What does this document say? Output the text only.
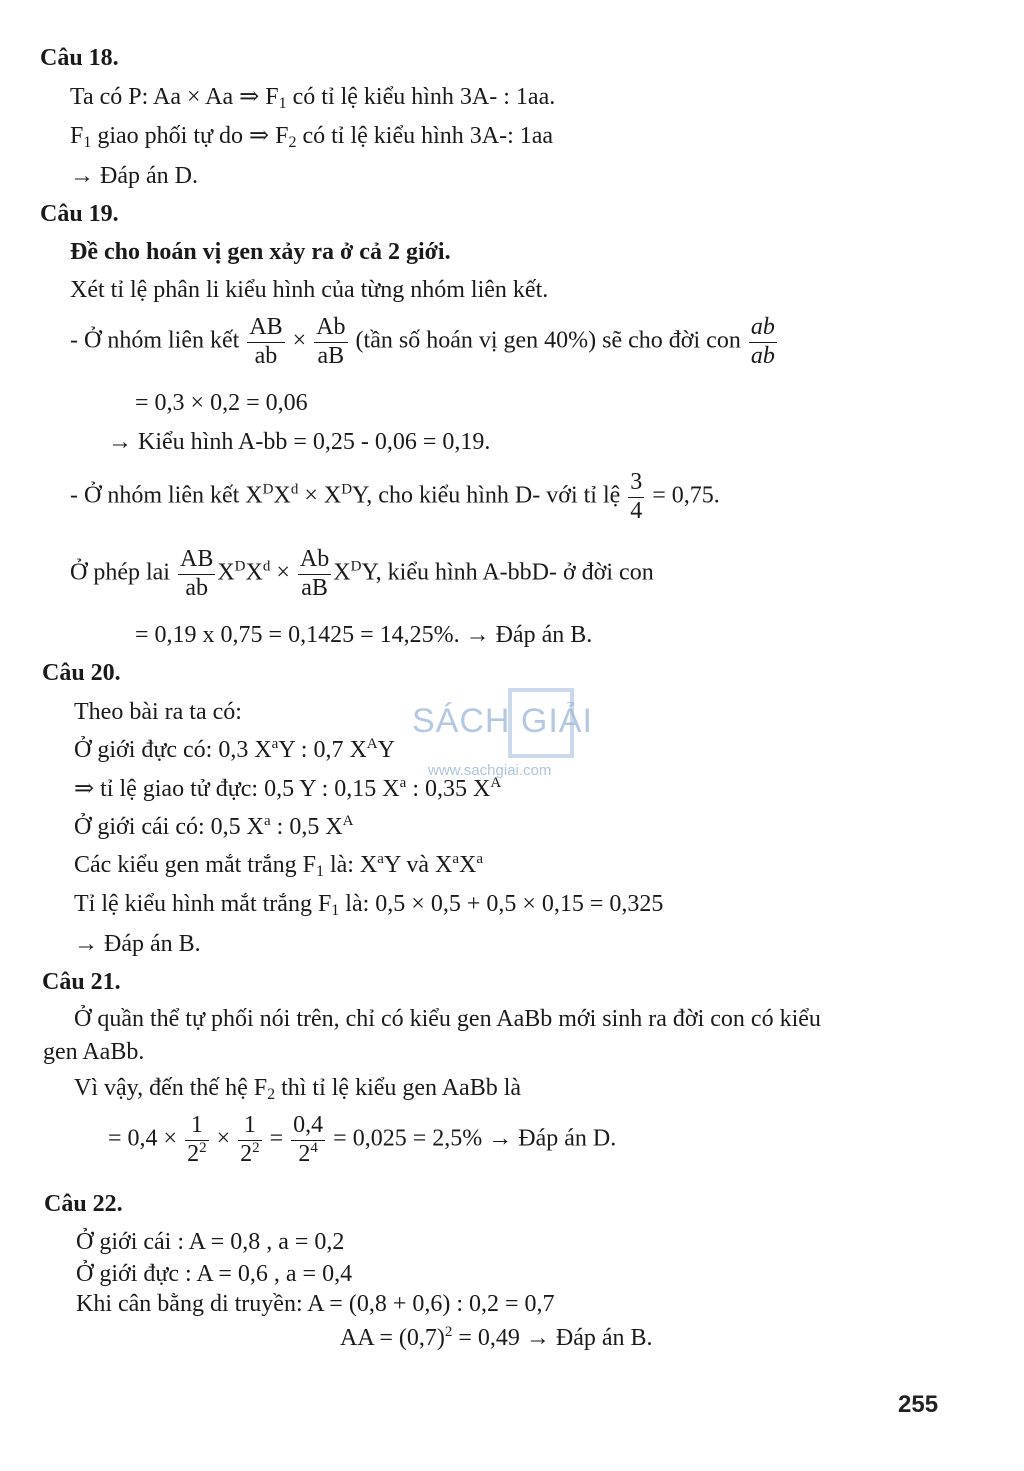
Câu 18.
Ta có P: Aa × Aa ⇒ $F_1$ có tỉ lệ kiểu hình 3A- : 1aa.
$F_1$ giao phối tự do ⇒ $F_2$ có tỉ lệ kiểu hình 3A-: 1aa
→ Đáp án D.
Câu 19.
Đề cho hoán vị gen xảy ra ở cả 2 giới.
Xét tỉ lệ phân li kiểu hình của từng nhóm liên kết.
- Ở nhóm liên kết $\frac{AB}{ab} \times \frac{Ab}{aB}$ (tần số hoán vị gen 40%) sẽ cho đời con $\frac{ab}{ab}$
= 0,3 × 0,2 = 0,06
→ Kiểu hình A-bb = 0,25 - 0,06 = 0,19.
- Ở nhóm liên kết $X^DX^d \times X^DY$, cho kiểu hình D- với tỉ lệ $\frac{3}{4} = 0,75$.
Ở phép lai $\frac{AB}{ab} X^DX^d \times \frac{Ab}{aB} X^DY$, kiểu hình A-bbD- ở đời con
= 0,19 x 0,75 = 0,1425 = 14,25%. → Đáp án B.
Câu 20.
Theo bài ra ta có:
Ở giới đực có: 0,3 $X^aY$ : 0,7 $X^AY$
⇒ tỉ lệ giao tử đực: 0,5 Y : 0,15 $X^a$ : 0,35 $X^A$
Ở giới cái có: 0,5 $X^a$ : 0,5 $X^A$
Các kiểu gen mắt trắng $F_1$ là: $X^aY$ và $X^aX^a$
Tỉ lệ kiểu hình mắt trắng $F_1$ là: 0,5 × 0,5 + 0,5 × 0,15 = 0,325
→ Đáp án B.
Câu 21.
Ở quần thể tự phối nói trên, chỉ có kiểu gen AaBb mới sinh ra đời con có kiểu
gen AaBb.
Vì vậy, đến thế hệ $F_2$ thì tỉ lệ kiểu gen AaBb là
= $0,4 \times \frac{1}{2^2} \times \frac{1}{2^2} = \frac{0,4}{2^4} = 0,025 = 2,5\%$ → Đáp án D.
Câu 22.
Ở giới cái : A = 0,8 , a = 0,2
Ở giới đực : A = 0,6 , a = 0,4
Khi cân bằng di truyền: A = (0,8 + 0,6) : 0,2 = 0,7
AA = $(0,7)^2 = 0,49$ → Đáp án B.
SÁCH GIẢI
www.sachgiai.com
255
